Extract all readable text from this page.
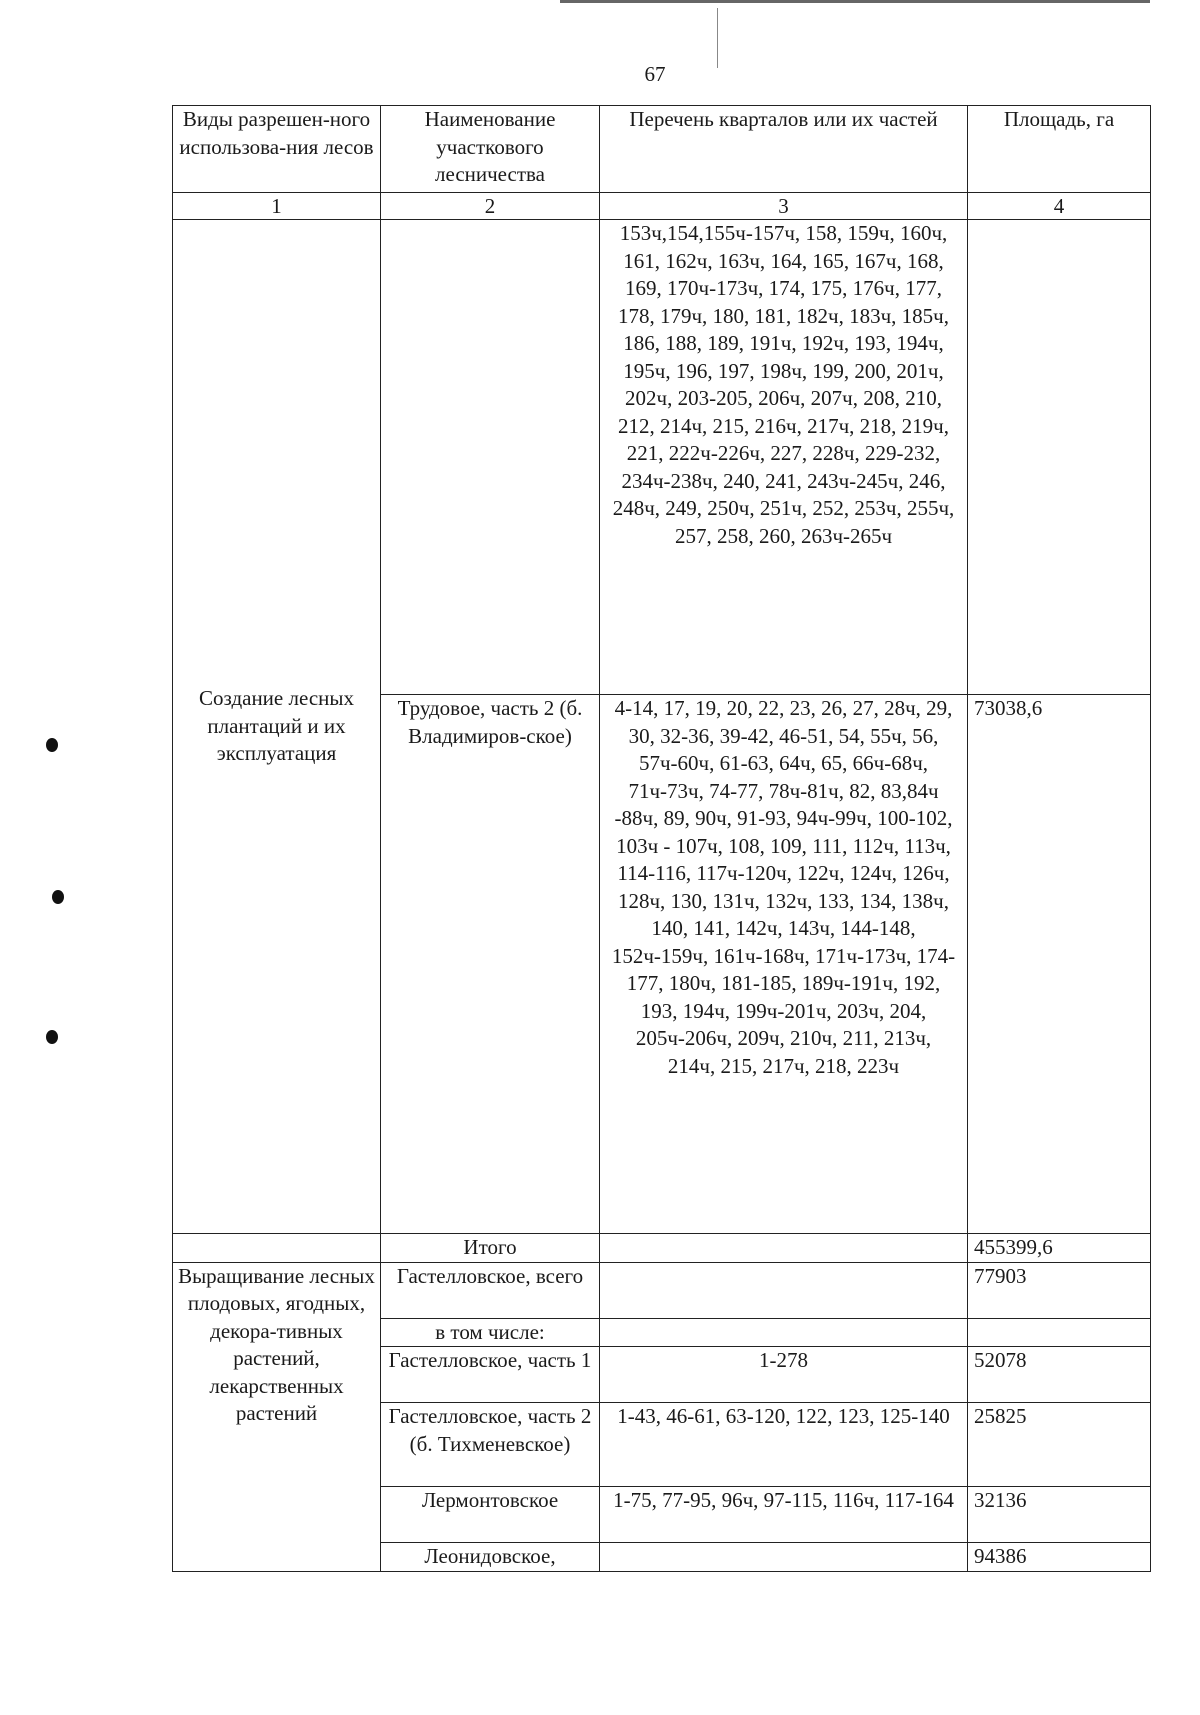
67
Виды разрешен-ного использова-ния лесов	Наименование участкового лесничества	Перечень кварталов или их частей	Площадь, га
1	2	3	4
Создание лесных плантаций и их эксплуатация		153ч,154,155ч-157ч, 158, 159ч, 160ч, 161, 162ч, 163ч, 164, 165, 167ч, 168, 169, 170ч-173ч, 174, 175, 176ч, 177, 178, 179ч, 180, 181, 182ч, 183ч, 185ч, 186, 188, 189, 191ч, 192ч, 193, 194ч, 195ч, 196, 197, 198ч, 199, 200, 201ч, 202ч, 203-205, 206ч, 207ч, 208, 210, 212, 214ч, 215, 216ч, 217ч, 218, 219ч, 221, 222ч-226ч, 227, 228ч, 229-232, 234ч-238ч, 240, 241, 243ч-245ч, 246, 248ч, 249, 250ч, 251ч, 252, 253ч, 255ч, 257, 258, 260, 263ч-265ч	
	Трудовое, часть 2 (б. Владимиров-ское)	4-14, 17, 19, 20, 22, 23, 26, 27, 28ч, 29, 30, 32-36, 39-42, 46-51, 54, 55ч, 56, 57ч-60ч, 61-63, 64ч, 65, 66ч-68ч, 71ч-73ч, 74-77, 78ч-81ч, 82, 83,84ч -88ч, 89, 90ч, 91-93, 94ч-99ч, 100-102, 103ч - 107ч, 108, 109, 111, 112ч, 113ч, 114-116, 117ч-120ч, 122ч, 124ч, 126ч, 128ч, 130, 131ч, 132ч, 133, 134, 138ч, 140, 141, 142ч, 143ч, 144-148, 152ч-159ч, 161ч-168ч, 171ч-173ч, 174-177, 180ч, 181-185, 189ч-191ч, 192, 193, 194ч, 199ч-201ч, 203ч, 204, 205ч-206ч, 209ч, 210ч, 211, 213ч, 214ч, 215, 217ч, 218, 223ч	73038,6
	Итого		455399,6
Выращивание лесных плодовых, ягодных, декора-тивных растений, лекарственных растений	Гастелловское, всего		77903
	в том числе:		
	Гастелловское, часть 1	1-278	52078
	Гастелловское, часть 2 (б. Тихменевское)	1-43, 46-61, 63-120, 122, 123, 125-140	25825
	Лермонтовское	1-75, 77-95, 96ч, 97-115, 116ч, 117-164	32136
	Леонидовское,		94386
